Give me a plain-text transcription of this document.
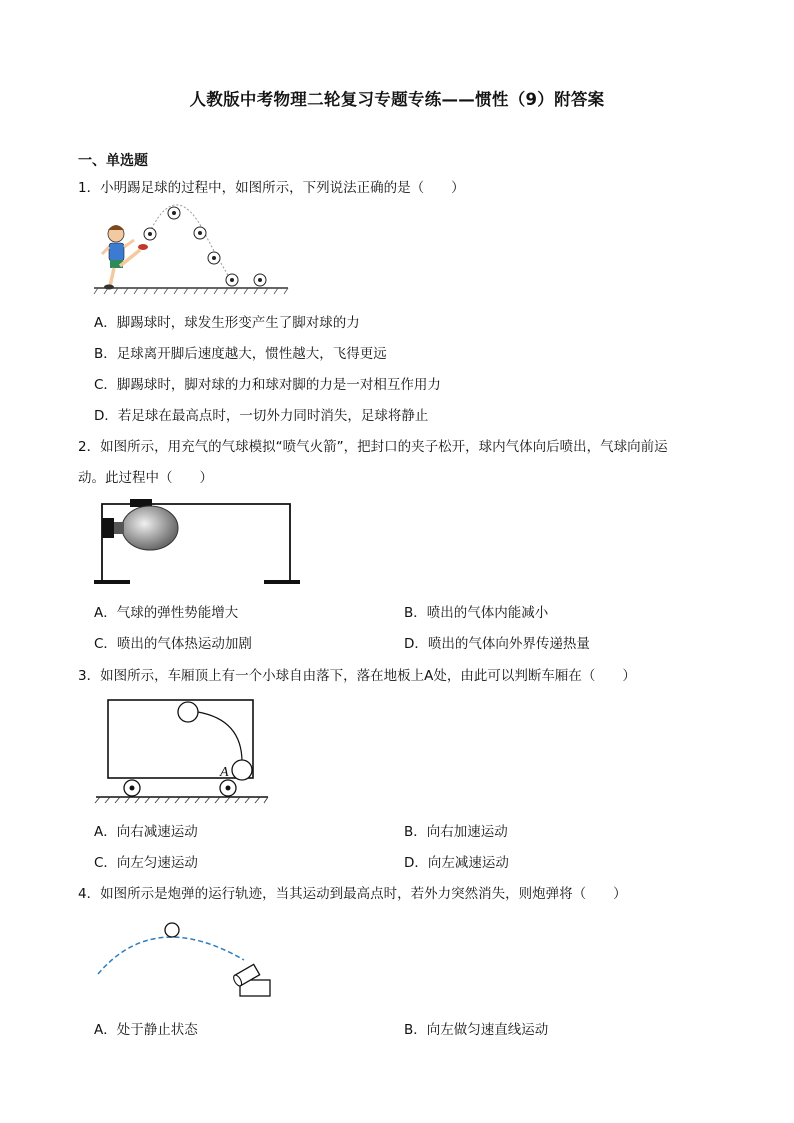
人教版中考物理二轮复习专题专练——惯性（9）附答案
一、单选题
1．小明踢足球的过程中，如图所示，下列说法正确的是（　　）
A．脚踢球时，球发生形变产生了脚对球的力
B．足球离开脚后速度越大，惯性越大，飞得更远
C．脚踢球时，脚对球的力和球对脚的力是一对相互作用力
D．若足球在最高点时，一切外力同时消失，足球将静止
2．如图所示，用充气的气球模拟“喷气火箭”，把封口的夹子松开，球内气体向后喷出，气球向前运
动。此过程中（　　）
A．气球的弹性势能增大	B．喷出的气体内能减小
C．喷出的气体热运动加剧	D．喷出的气体向外界传递热量
3．如图所示，车厢顶上有一个小球自由落下，落在地板上A处，由此可以判断车厢在（　　）
A
A．向右减速运动	B．向右加速运动
C．向左匀速运动	D．向左减速运动
4．如图所示是炮弹的运行轨迹，当其运动到最高点时，若外力突然消失，则炮弹将（　　）
A．处于静止状态	B．向左做匀速直线运动
